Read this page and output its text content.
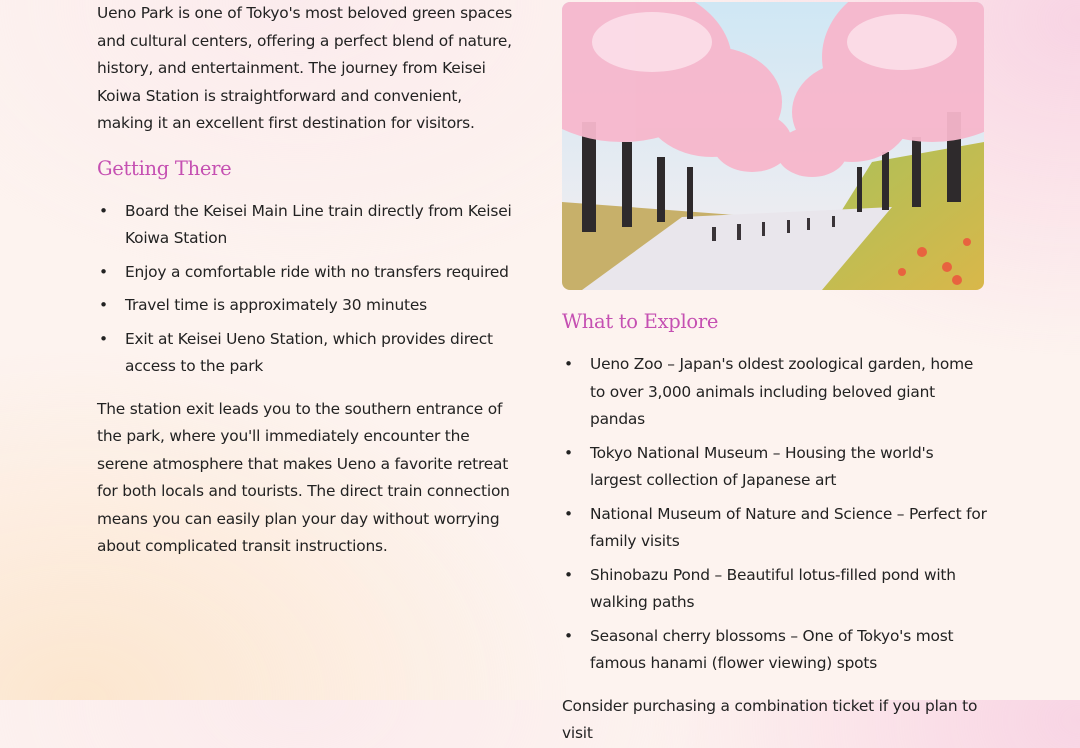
Ueno Park is one of Tokyo's most beloved green spaces and cultural centers, offering a perfect blend of nature, history, and entertainment. The journey from Keisei Koiwa Station is straightforward and convenient, making it an excellent first destination for visitors.

Getting There
• Board the Keisei Main Line train directly from Keisei Koiwa Station
• Enjoy a comfortable ride with no transfers required
• Travel time is approximately 30 minutes
• Exit at Keisei Ueno Station, which provides direct access to the park

The station exit leads you to the southern entrance of the park, where you'll immediately encounter the serene atmosphere that makes Ueno a favorite retreat for both locals and tourists. The direct train connection means you can easily plan your day without worrying about complicated transit instructions.

What to Explore
• Ueno Zoo – Japan's oldest zoological garden, home to over 3,000 animals including beloved giant pandas
• Tokyo National Museum – Housing the world's largest collection of Japanese art
• National Museum of Nature and Science – Perfect for family visits
• Shinobazu Pond – Beautiful lotus-filled pond with walking paths
• Seasonal cherry blossoms – One of Tokyo's most famous hanami (flower viewing) spots

Consider purchasing a combination ticket if you plan to visit
